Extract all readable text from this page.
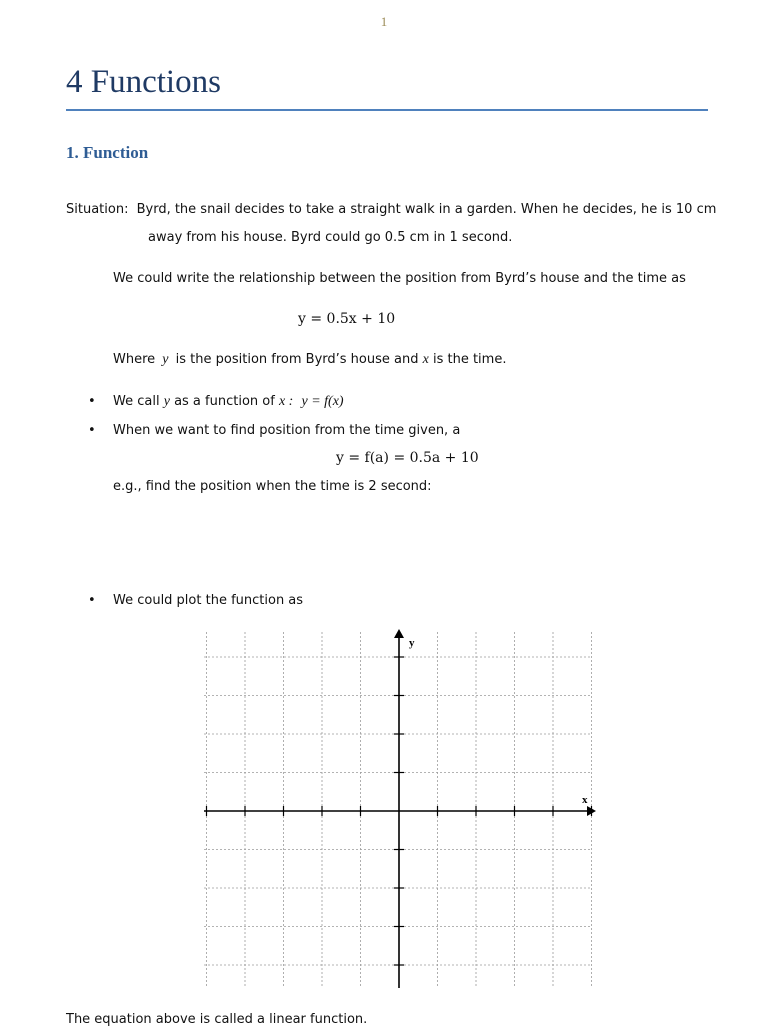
1
4 Functions
1. Function
Situation: Byrd, the snail decides to take a straight walk in a garden. When he decides, he is 10 cm
away from his house. Byrd could go 0.5 cm in 1 second.
We could write the relationship between the position from Byrd’s house and the time as
y = 0.5x + 10
Where y is the position from Byrd’s house and x is the time.
• We call y as a function of x : y = f(x)
• When we want to find position from the time given, a
y = f(a) = 0.5a + 10
e.g., find the position when the time is 2 second:
• We could plot the function as
x
y
The equation above is called a linear function.
